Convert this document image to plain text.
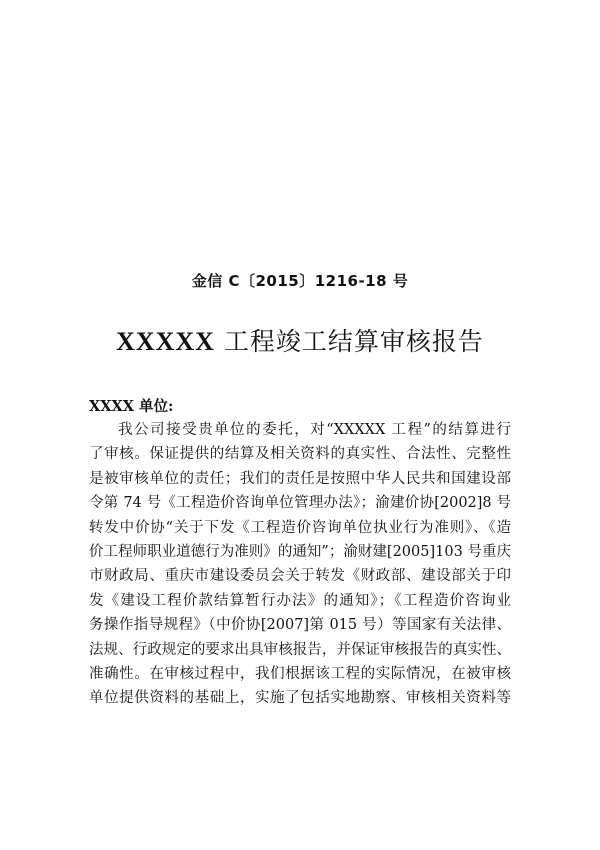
金信 C〔2015〕1216-18 号
XXXXX 工程竣工结算审核报告
XXXX 单位:
我公司接受贵单位的委托，对“XXXXX 工程”的结算进行
了审核。保证提供的结算及相关资料的真实性、合法性、完整性
是被审核单位的责任；我们的责任是按照中华人民共和国建设部
令第 74 号《工程造价咨询单位管理办法》；渝建价协[2002]8 号
转发中价协“关于下发《工程造价咨询单位执业行为准则》、《造
价工程师职业道德行为准则》的通知”；渝财建[2005]103 号重庆
市财政局、重庆市建设委员会关于转发《财政部、建设部关于印
发《建设工程价款结算暂行办法》的通知》；《工程造价咨询业
务操作指导规程》（中价协[2007]第 015 号）等国家有关法律、
法规、行政规定的要求出具审核报告，并保证审核报告的真实性、
准确性。在审核过程中，我们根据该工程的实际情况，在被审核
单位提供资料的基础上，实施了包括实地勘察、审核相关资料等
